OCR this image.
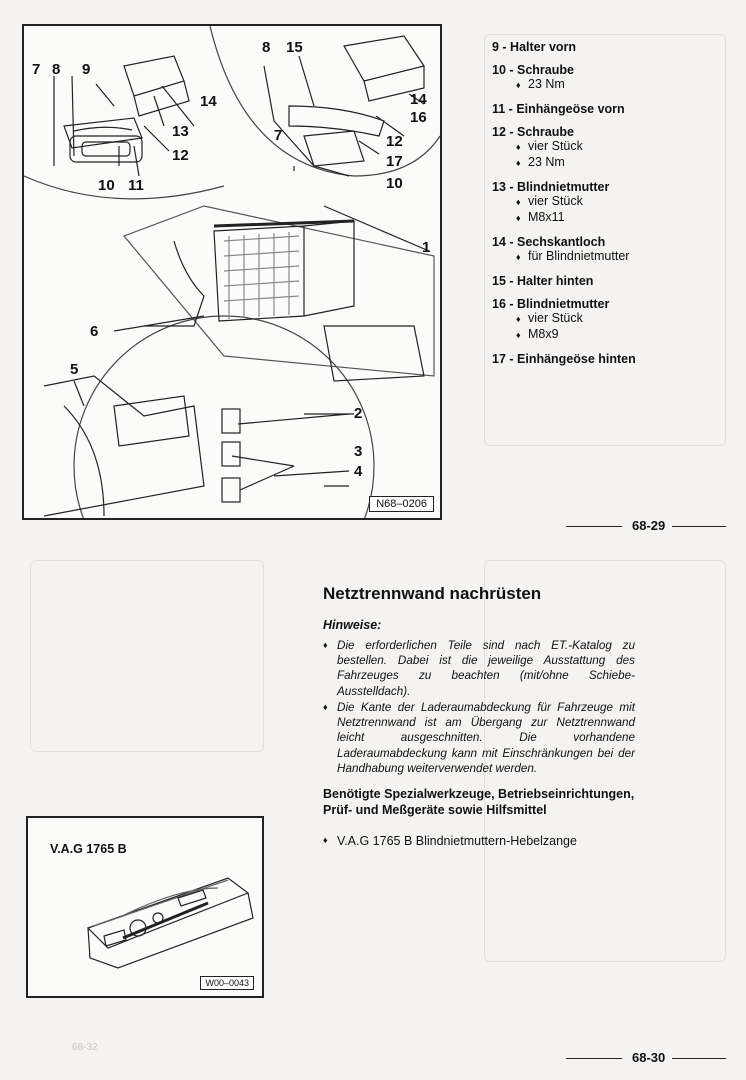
68-32
7 8 9
14
13
12
10 11
8 15
14
16
12
17
7
10
1
6
5
2
3
4
N68–0206
9 - Halter vorn
10 - Schraube
♦ 23 Nm
11 - Einhängeöse vorn
12 - Schraube
♦ vier Stück
♦ 23 Nm
13 - Blindnietmutter
♦ vier Stück
♦ M8x11
14 - Sechskantloch
♦ für Blindnietmutter
15 - Halter hinten
16 - Blindnietmutter
♦ vier Stück
♦ M8x9
17 - Einhängeöse hinten
68-29
Netztrennwand nachrüsten
Hinweise:
♦ Die erforderlichen Teile sind nach ET.-Katalog zu bestellen. Dabei ist die jeweilige Ausstattung des Fahrzeuges zu beachten (mit/ohne Schiebe-Ausstelldach).
♦ Die Kante der Laderaumabdeckung für Fahrzeuge mit Netztrennwand ist am Übergang zur Netztrennwand leicht ausgeschnitten. Die vorhandene Laderaumabdeckung kann mit Einschränkungen bei der Handhabung weiterverwendet werden.
Benötigte Spezialwerkzeuge, Betriebseinrichtungen, Prüf- und Meßgeräte sowie Hilfsmittel
♦ V.A.G 1765 B Blindnietmuttern-Hebelzange
V.A.G 1765 B
W00–0043
68-30
